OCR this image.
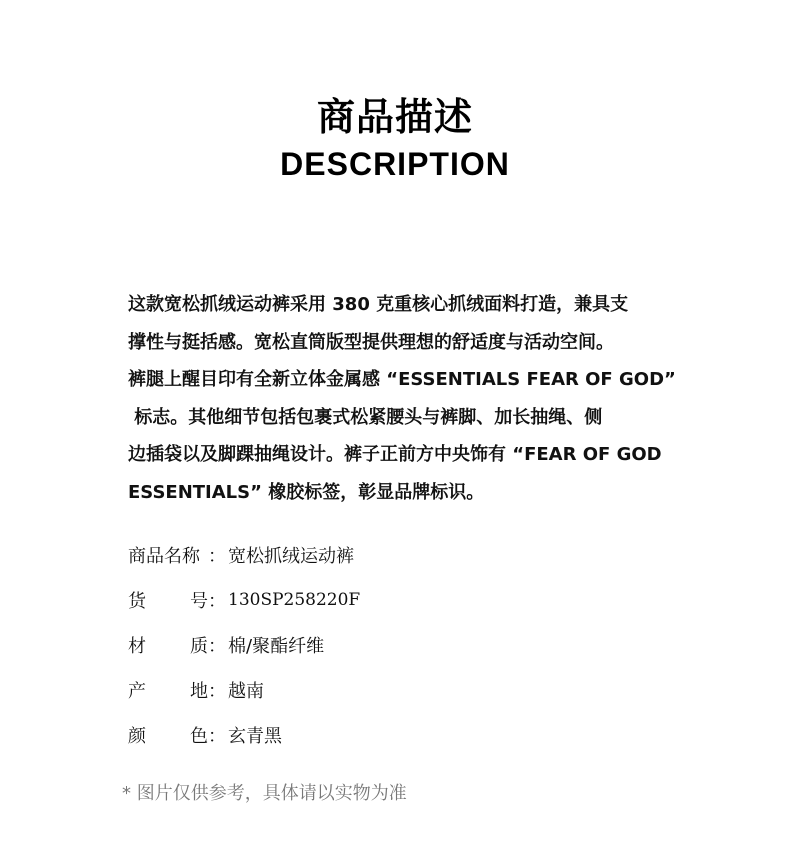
商品描述
DESCRIPTION
这款宽松抓绒运动裤采用 380 克重核心抓绒面料打造，兼具支
撑性与挺括感。宽松直筒版型提供理想的舒适度与活动空间。
裤腿上醒目印有全新立体金属感 “ESSENTIALS FEAR OF GOD”
标志。其他细节包括包裹式松紧腰头与裤脚、加长抽绳、侧
边插袋以及脚踝抽绳设计。裤子正前方中央饰有 “FEAR OF GOD
ESSENTIALS” 橡胶标签，彰显品牌标识。
商品名称 ： 宽松抓绒运动裤
货 号 ： 130SP258220F
材 质 ： 棉/聚酯纤维
产 地 ： 越南
颜 色 ： 玄青黑
* 图片仅供参考，具体请以实物为准
